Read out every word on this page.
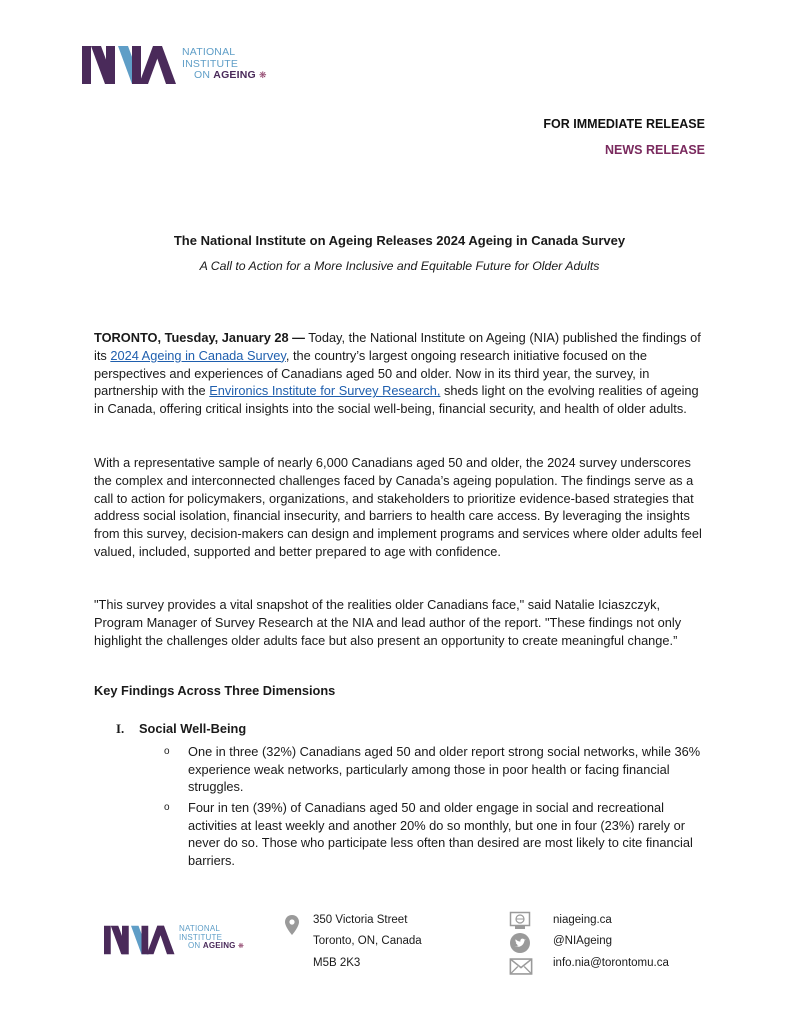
NATIONAL
INSTITUTE
ON AGEING ❋
FOR IMMEDIATE RELEASE
NEWS RELEASE
The National Institute on Ageing Releases 2024 Ageing in Canada Survey
A Call to Action for a More Inclusive and Equitable Future for Older Adults
TORONTO, Tuesday, January 28 — Today, the National Institute on Ageing (NIA) published the findings of its 2024 Ageing in Canada Survey, the country’s largest ongoing research initiative focused on the perspectives and experiences of Canadians aged 50 and older. Now in its third year, the survey, in partnership with the Environics Institute for Survey Research, sheds light on the evolving realities of ageing in Canada, offering critical insights into the social well-being, financial security, and health of older adults.
With a representative sample of nearly 6,000 Canadians aged 50 and older, the 2024 survey underscores the complex and interconnected challenges faced by Canada’s ageing population. The findings serve as a call to action for policymakers, organizations, and stakeholders to prioritize evidence-based strategies that address social isolation, financial insecurity, and barriers to health care access. By leveraging the insights from this survey, decision-makers can design and implement programs and services where older adults feel valued, included, supported and better prepared to age with confidence.
"This survey provides a vital snapshot of the realities older Canadians face," said Natalie Iciaszczyk, Program Manager of Survey Research at the NIA and lead author of the report. "These findings not only highlight the challenges older adults face but also present an opportunity to create meaningful change.”
Key Findings Across Three Dimensions
I. Social Well-Being
o One in three (32%) Canadians aged 50 and older report strong social networks, while 36% experience weak networks, particularly among those in poor health or facing financial struggles.
o Four in ten (39%) of Canadians aged 50 and older engage in social and recreational activities at least weekly and another 20% do so monthly, but one in four (23%) rarely or never do so. Those who participate less often than desired are most likely to cite financial barriers.
NATIONAL
INSTITUTE
ON AGEING ❋
350 Victoria Street
Toronto, ON, Canada
M5B 2K3
niageing.ca
@NIAgeing
info.nia@torontomu.ca
